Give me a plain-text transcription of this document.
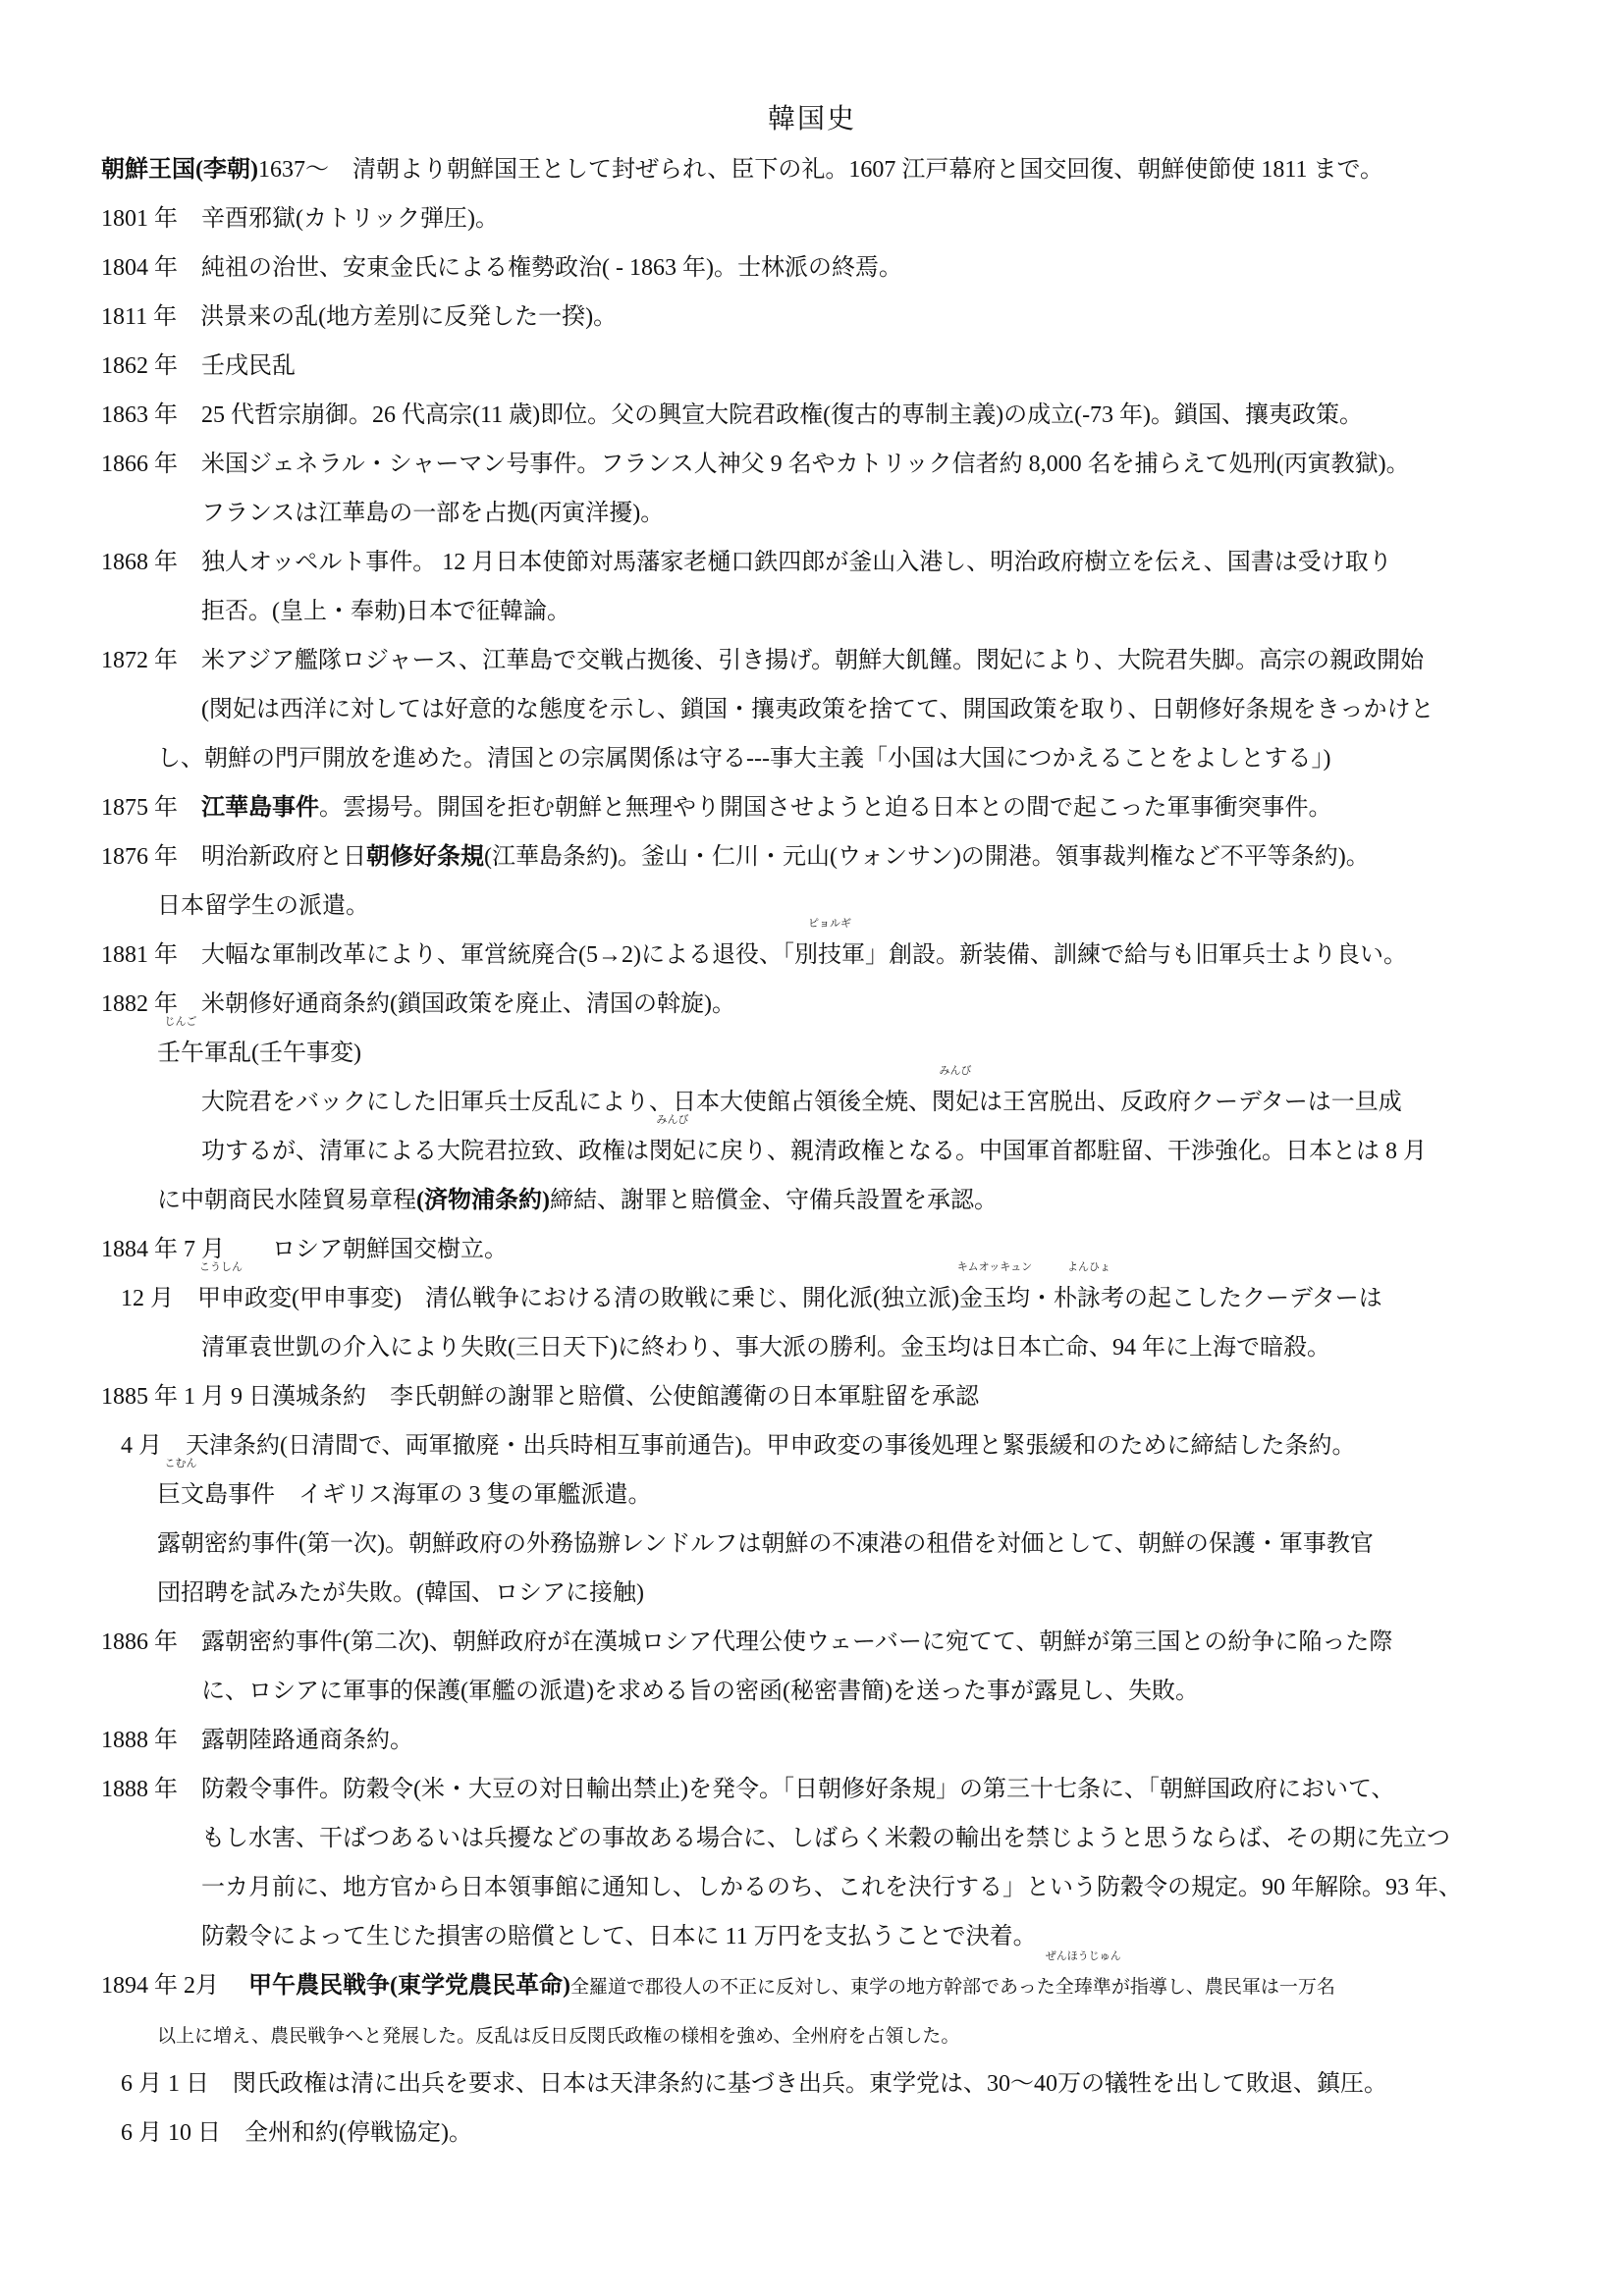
韓国史
朝鮮王国(李朝)1637～　清朝より朝鮮国王として封ぜられ、臣下の礼。1607 江戸幕府と国交回復、朝鮮使節使 1811 まで。
1801 年　辛酉邪獄(カトリック弾圧)。
1804 年　純祖の治世、安東金氏による権勢政治( - 1863 年)。士林派の終焉。
1811 年　洪景来の乱(地方差別に反発した一揆)。
1862 年　壬戌民乱
1863 年　25 代哲宗崩御。26 代高宗(11 歳)即位。父の興宣大院君政権(復古的専制主義)の成立(-73 年)。鎖国、攘夷政策。
1866 年　米国ジェネラル・シャーマン号事件。フランス人神父 9 名やカトリック信者約 8,000 名を捕らえて処刑(丙寅教獄)。
フランスは江華島の一部を占拠(丙寅洋擾)。
1868 年　独人オッペルト事件。 12 月日本使節対馬藩家老樋口鉄四郎が釜山入港し、明治政府樹立を伝え、国書は受け取り
拒否。(皇上・奉勅)日本で征韓論。
1872 年　米アジア艦隊ロジャース、江華島で交戦占拠後、引き揚げ。朝鮮大飢饉。閔妃により、大院君失脚。高宗の親政開始
(閔妃は西洋に対しては好意的な態度を示し、鎖国・攘夷政策を捨てて、開国政策を取り、日朝修好条規をきっかけと
し、朝鮮の門戸開放を進めた。清国との宗属関係は守る---事大主義「小国は大国につかえることをよしとする」)
1875 年　江華島事件。雲揚号。開国を拒む朝鮮と無理やり開国させようと迫る日本との間で起こった軍事衝突事件。
1876 年　明治新政府と日朝修好条規(江華島条約)。釜山・仁川・元山(ウォンサン)の開港。領事裁判権など不平等条約)。
日本留学生の派遣。
1881 年　大幅な軍制改革により、軍営統廃合(5→2)による退役、「
ピョルギ
別技軍」創設。新装備、訓練で給与も旧軍兵士より良い。
1882 年　米朝修好通商条約(鎖国政策を廃止、清国の斡旋)。
じんご
壬午軍乱(壬午事変)
大院君をバックにした旧軍兵士反乱により、日本大使館占領後全焼、
みんび
閔妃は王宮脱出、反政府クーデターは一旦成
功するが、清軍による大院君拉致、政権は
みんび
閔妃に戻り、親清政権となる。中国軍首都駐留、干渉強化。日本とは 8 月
に中朝商民水陸貿易章程(済物浦条約)締結、謝罪と賠償金、守備兵設置を承認。
1884 年 7 月　　ロシア朝鮮国交樹立。
12 月　
こうしん
甲申政変(甲申事変)　清仏戦争における清の敗戦に乗じ、開化派(独立派)
キムオッキュン
金玉均・
よんひょ
朴詠考の起こしたクーデターは
清軍袁世凱の介入により失敗(三日天下)に終わり、事大派の勝利。金玉均は日本亡命、94 年に上海で暗殺。
1885 年 1 月 9 日漢城条約　李氏朝鮮の謝罪と賠償、公使館護衛の日本軍駐留を承認
4 月　天津条約(日清間で、両軍撤廃・出兵時相互事前通告)。甲申政変の事後処理と緊張緩和のために締結した条約。
こむん
巨文島事件　イギリス海軍の 3 隻の軍艦派遣。
露朝密約事件(第一次)。朝鮮政府の外務協辦レンドルフは朝鮮の不凍港の租借を対価として、朝鮮の保護・軍事教官
団招聘を試みたが失敗。(韓国、ロシアに接触)
1886 年　露朝密約事件(第二次)、朝鮮政府が在漢城ロシア代理公使ウェーバーに宛てて、朝鮮が第三国との紛争に陥った際
に、ロシアに軍事的保護(軍艦の派遣)を求める旨の密函(秘密書簡)を送った事が露見し、失敗。
1888 年　露朝陸路通商条約。
1888 年　防穀令事件。防穀令(米・大豆の対日輸出禁止)を発令。「日朝修好条規」の第三十七条に、「朝鮮国政府において、
もし水害、干ばつあるいは兵擾などの事故ある場合に、しばらく米穀の輸出を禁じようと思うならば、その期に先立つ
一カ月前に、地方官から日本領事館に通知し、しかるのち、これを決行する」という防穀令の規定。90 年解除。93 年、
防穀令によって生じた損害の賠償として、日本に 11 万円を支払うことで決着。
1894 年 2月　 甲午農民戦争(東学党農民革命)全羅道で郡役人の不正に反対し、東学の地方幹部であった
ぜんほうじゅん
全琫準が指導し、農民軍は一万名
以上に増え、農民戦争へと発展した。反乱は反日反閔氏政権の様相を強め、全州府を占領した。
6 月 1 日　閔氏政権は清に出兵を要求、日本は天津条約に基づき出兵。東学党は、30～40万の犠牲を出して敗退、鎮圧。
6 月 10 日　全州和約(停戦協定)。
